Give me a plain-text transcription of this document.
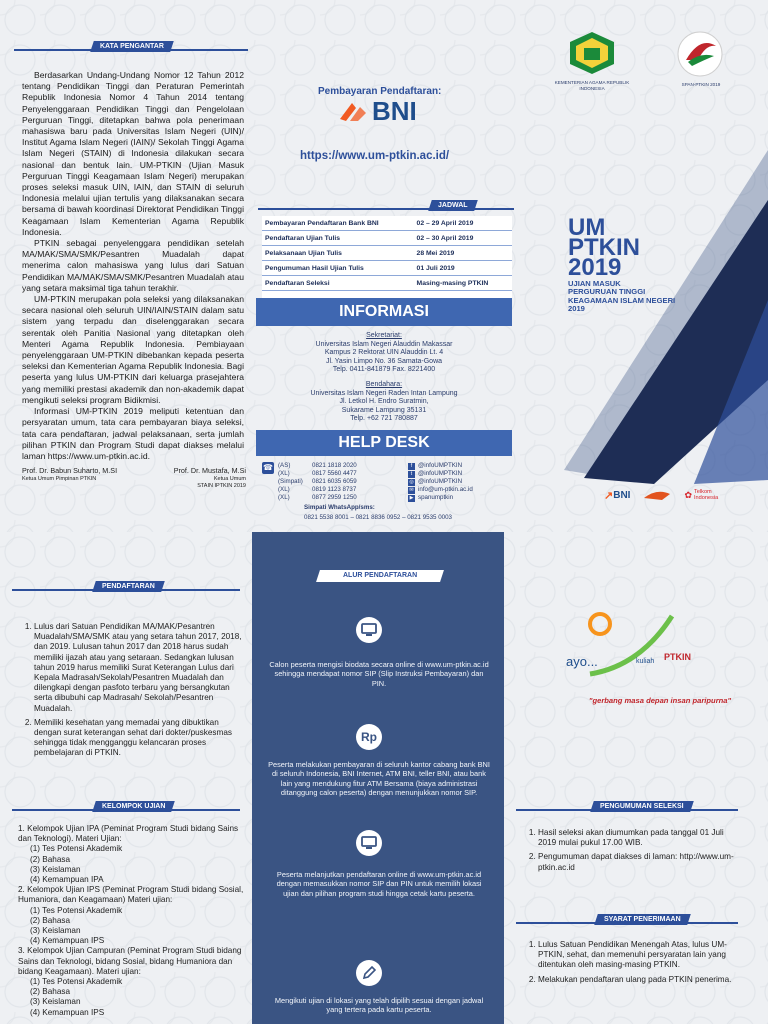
KATA PENGANTAR
Berdasarkan Undang-Undang Nomor 12 Tahun 2012 tentang Pendidikan Tinggi dan Peraturan Pemerintah Republik Indonesia Nomor 4 Tahun 2014 tentang Penyelenggaraan Pendidikan Tinggi dan Pengelolaan Perguruan Tinggi, ditetapkan bahwa pola penerimaan mahasiswa baru pada Universitas Islam Negeri (UIN)/ Institut Agama Islam Negeri (IAIN)/ Sekolah Tinggi Agama Islam Negeri (STAIN) di Indonesia dilakukan secara nasional dan bentuk lain. UM-PTKIN (Ujian Masuk Perguruan Tinggi Keagamaan Islam Negeri) merupakan proses seleksi masuk UIN, IAIN, dan STAIN di seluruh Indonesia melalui ujian tertulis yang dilaksanakan secara bersama di bawah koordinasi Direktorat Pendidikan Tinggi Keagamaan Islam Kementerian Agama Republik Indonesia.
PTKIN sebagai penyelenggara pendidikan setelah MA/MAK/SMA/SMK/Pesantren Muadalah dapat menerima calon mahasiswa yang lulus dari Satuan Pendidikan MA/MAK/SMA/SMK/Pesantren Muadalah atau yang setara maksimal tiga tahun terakhir.
UM-PTKIN merupakan pola seleksi yang dilaksanakan secara nasional oleh seluruh UIN/IAIN/STAIN dalam satu sistem yang terpadu dan diselenggarakan secara serentak oleh Panitia Nasional yang ditetapkan oleh Menteri Agama Republik Indonesia. Pembiayaan penyelenggaraan UM-PTKIN dibebankan kepada peserta seleksi dan Kementerian Agama Republik Indonesia. Bagi peserta yang lulus UM-PTKIN dari keluarga prasejahtera yang memiliki prestasi akademik dan non-akademik dapat mengikuti seleksi program Bidikmisi.
Informasi UM-PTKIN 2019 meliputi ketentuan dan persyaratan umum, tata cara pembayaran biaya seleksi, tata cara pendaftaran, jadwal pelaksanaan, serta jumlah pilihan PTKIN dan Program Studi dapat diakses melalui laman https://www.um-ptkin.ac.id.
Prof. Dr. Babun Suharto, M.SI
Ketua Umum Pimpinan PTKIN
Prof. Dr. Mustafa, M.Si
Ketua Umum
STAIN IPTKIN 2019
Pembayaran Pendaftaran:
BNI
https://www.um-ptkin.ac.id/
JADWAL
Pembayaran Pendaftaran Bank BNI	02 – 29 April 2019
Pendaftaran Ujian Tulis	02 – 30 April 2019
Pelaksanaan Ujian Tulis	28 Mei 2019
Pengumuman Hasil Ujian Tulis	01 Juli 2019
Pendaftaran Seleksi	Masing-masing PTKIN
INFORMASI
Sekretariat:
Universitas Islam Negeri Alauddin Makassar
Kampus 2 Rektorat UIN Alauddin Lt. 4
Jl. Yasin Limpo No. 36 Samata-Gowa
Telp. 0411-841879 Fax. 8221400
Bendahara:
Universitas Islam Negeri Raden Intan Lampung
Jl. Letkol H. Endro Suratmin,
Sukarame Lampung 35131
Telp. +62 721 780887
HELP DESK
☎ (AS)	0821 1818 2020
(XL)	0817 5560 4477
(Simpati)	0821 6035 6059
(XL)	0819 1123 8737
(XL)	0877 2959 1250
f @infoUMPTKIN
t @infoUMPTKIN
◎ @infoUMPTKIN
✉ info@um-ptkin.ac.id
▶ spanumptkin
Simpati WhatsApp/sms:
0821 5538 8001 – 0821 8836 0952 – 0821 9535 0003
KEMENTERIAN AGAMA REPUBLIK INDONESIA
SPAN-PTKIN 2019
UM
PTKIN
2019
UJIAN MASUK
PERGURUAN TINGGI
KEAGAMAAN ISLAM NEGERI
2019
↗ BNI	✿ Telkom Indonesia
PENDAFTARAN
1. Lulus dari Satuan Pendidikan MA/MAK/Pesantren Muadalah/SMA/SMK atau yang setara tahun 2017, 2018, dan 2019. Lulusan tahun 2017 dan 2018 harus sudah memiliki ijazah atau yang setaraan. Sedangkan lulusan tahun 2019 harus memiliki Surat Keterangan Lulus dari Kepala Madrasah/Sekolah/Pesantren Muadalah dan dilengkapi dengan pasfoto terbaru yang bersangkutan serta dibubuhi cap Madrasah/ Sekolah/Pesantren Muadalah.
2. Memiliki kesehatan yang memadai yang dibuktikan dengan surat keterangan sehat dari dokter/puskesmas sehingga tidak mengganggu kelancaran proses pembelajaran di PTKIN.
KELOMPOK UJIAN
1. Kelompok Ujian IPA (Peminat Program Studi bidang Sains dan Teknologi). Materi Ujian:
(1) Tes Potensi Akademik
(2) Bahasa
(3) Keislaman
(4) Kemampuan IPA
2. Kelompok Ujian IPS (Peminat Program Studi bidang Sosial, Humaniora, dan Keagamaan) Materi ujian:
(1) Tes Potensi Akademik
(2) Bahasa
(3) Keislaman
(4) Kemampuan IPS
3. Kelompok Ujian Campuran (Peminat Program Studi bidang Sains dan Teknologi, bidang Sosial, bidang Humaniora dan bidang Keagamaan). Materi ujian:
(1) Tes Potensi Akademik
(2) Bahasa
(3) Keislaman
(4) Kemampuan IPS
ALUR PENDAFTARAN
Calon peserta mengisi biodata secara online di www.um-ptkin.ac.id sehingga mendapat nomor SIP (Slip Instruksi Pembayaran) dan PIN.
Rp
Peserta melakukan pembayaran di seluruh kantor cabang bank BNI di seluruh Indonesia, BNI Internet, ATM BNI, teller BNI, atau bank lain yang mendukung fitur ATM Bersama (biaya administrasi ditanggung calon peserta) dengan menunjukkan nomor SIP.
Peserta melanjutkan pendaftaran online di www.um-ptkin.ac.id dengan memasukkan nomor SIP dan PIN untuk memilih lokasi ujian dan pilihan program studi hingga cetak kartu peserta.
Mengikuti ujian di lokasi yang telah dipilih sesuai dengan jadwal yang tertera pada kartu peserta.
ayo...	kuliah PTKIN
"gerbang masa depan insan paripurna"
PENGUMUMAN SELEKSI
1. Hasil seleksi akan diumumkan pada tanggal 01 Juli 2019 mulai pukul 17.00 WIB.
2. Pengumuman dapat diakses di laman: http://www.um-ptkin.ac.id
SYARAT PENERIMAAN
1. Lulus Satuan Pendidikan Menengah Atas, lulus UM-PTKIN, sehat, dan memenuhi persyaratan lain yang ditentukan oleh masing-masing PTKIN.
2. Melakukan pendaftaran ulang pada PTKIN penerima.
